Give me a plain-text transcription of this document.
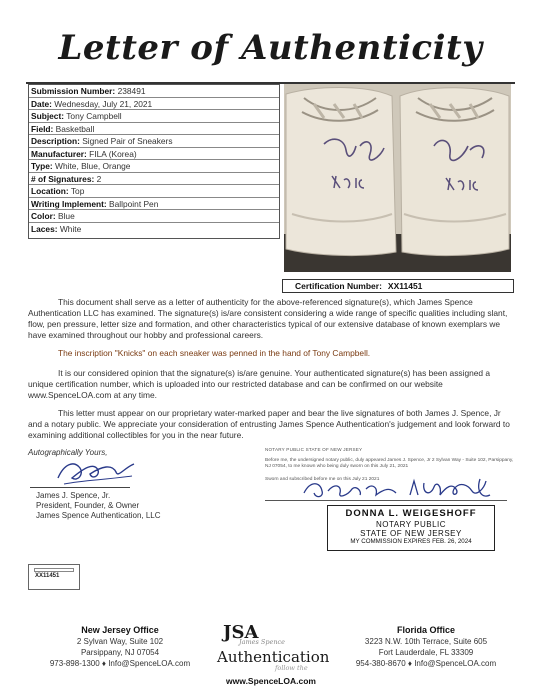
Letter of Authenticity
Submission Number: 238491
Date: Wednesday, July 21, 2021
Subject: Tony Campbell
Field: Basketball
Description: Signed Pair of Sneakers
Manufacturer: FILA (Korea)
Type: White, Blue, Orange
# of Signatures: 2
Location: Top
Writing Implement: Ballpoint Pen
Color: Blue
Laces: White
Certification Number: XX11451
This document shall serve as a letter of authenticity for the above-referenced signature(s), which James Spence Authentication LLC has examined. The signature(s) is/are consistent considering a wide range of specific qualities including slant, flow, pen pressure, letter size and formation, and other characteristics typical of our extensive database of known exemplars we have examined throughout our hobby and professional careers.
The inscription "Knicks" on each sneaker was penned in the hand of Tony Campbell.
It is our considered opinion that the signature(s) is/are genuine. Your authenticated signature(s) has been assigned a unique certification number, which is uploaded into our restricted database and can be confirmed on our website www.SpenceLOA.com at any time.
This letter must appear on our proprietary water-marked paper and bear the live signatures of both James J. Spence, Jr and a notary public. We appreciate your consideration of entrusting James Spence Authentication's judgement and look forward to examining additional collectibles for you in the near future.
Autographically Yours,
James J. Spence, Jr.
President, Founder, & Owner
James Spence Authentication, LLC
XX11451
NOTARY PUBLIC STATE OF NEW JERSEY
Before me, the undersigned notary public, duly appeared James J. Spence, Jr 2 Sylvan Way - Suite 102, Parsippany, NJ 07054, to me known who being duly sworn on this July 21, 2021
Sworn and subscribed before me on this July 21 2021
DONNA L. WEIGESHOFF
NOTARY PUBLIC
STATE OF NEW JERSEY
MY COMMISSION EXPIRES FEB. 26, 2024
New Jersey Office
2 Sylvan Way, Suite 102
Parsippany, NJ 07054
973-898-1300 ♦ Info@SpenceLOA.com
JSA
James Spence
Authentication
follow the
www.SpenceLOA.com
Florida Office
3223 N.W. 10th Terrace, Suite 605
Fort Lauderdale, FL 33309
954-380-8670 ♦ Info@SpenceLOA.com
